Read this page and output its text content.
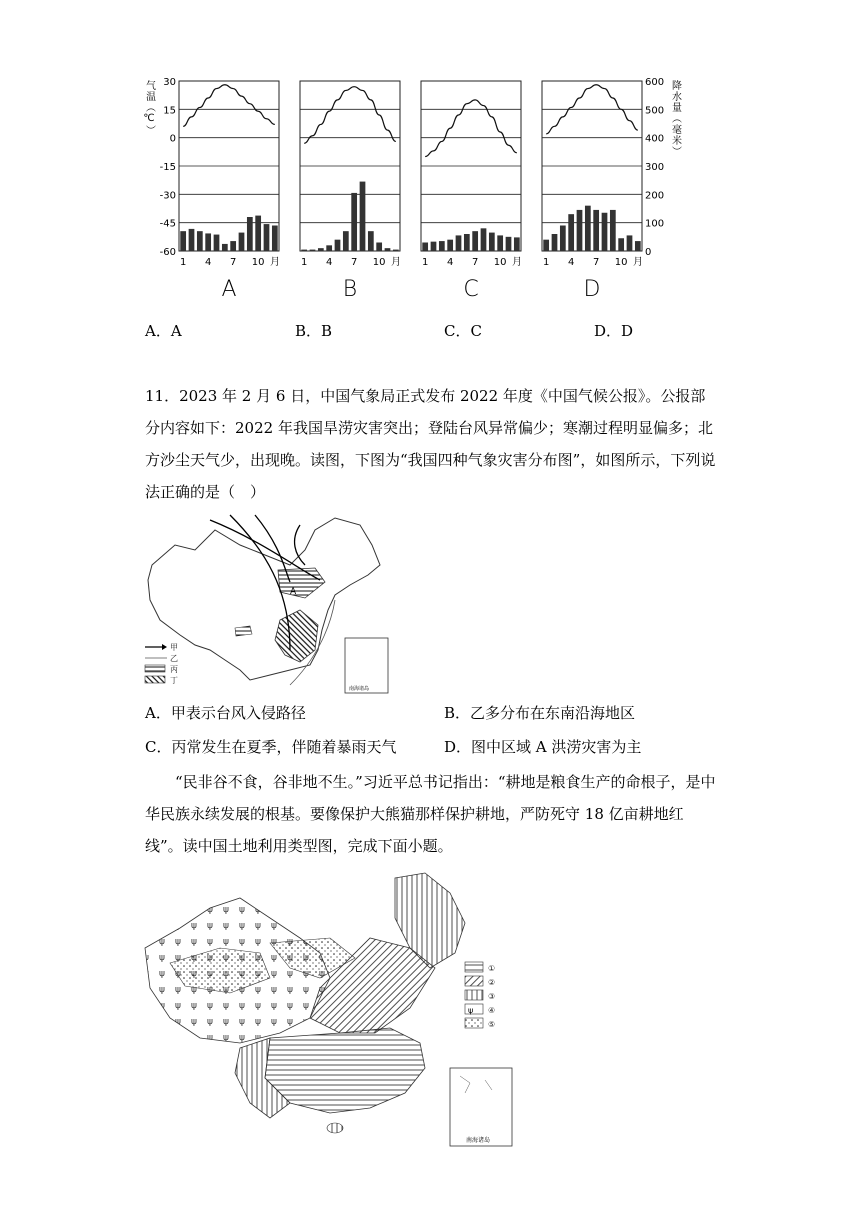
气温（℃） 30
15
0
-15
-30
-45
-60
600
500
400
300
200
100
0
降水量（毫米）
1 4 7 10 月
A
1 4 7 10 月
B
1 4 7 10 月
C
1 4 7 10 月
D
A．A	B．B	C．C	D．D
11．2023 年 2 月 6 日，中国气象局正式发布 2022 年度《中国气候公报》。公报部分内容如下：2022 年我国旱涝灾害突出；登陆台风异常偏少；寒潮过程明显偏多；北方沙尘天气少，出现晚。读图，下图为“我国四种气象灾害分布图”，如图所示，下列说法正确的是（　）
A
甲
乙
丙
丁
南海诸岛
A．甲表示台风入侵路径	B．乙多分布在东南沿海地区
C．丙常发生在夏季，伴随着暴雨天气	D．图中区域 A 洪涝灾害为主
“民非谷不食，谷非地不生。”习近平总书记指出：“耕地是粮食生产的命根子，是中华民族永续发展的根基。要像保护大熊猫那样保护耕地，严防死守 18 亿亩耕地红线”。读中国土地利用类型图，完成下面小题。
①
②
③
ψ ④
⑤
南海诸岛
